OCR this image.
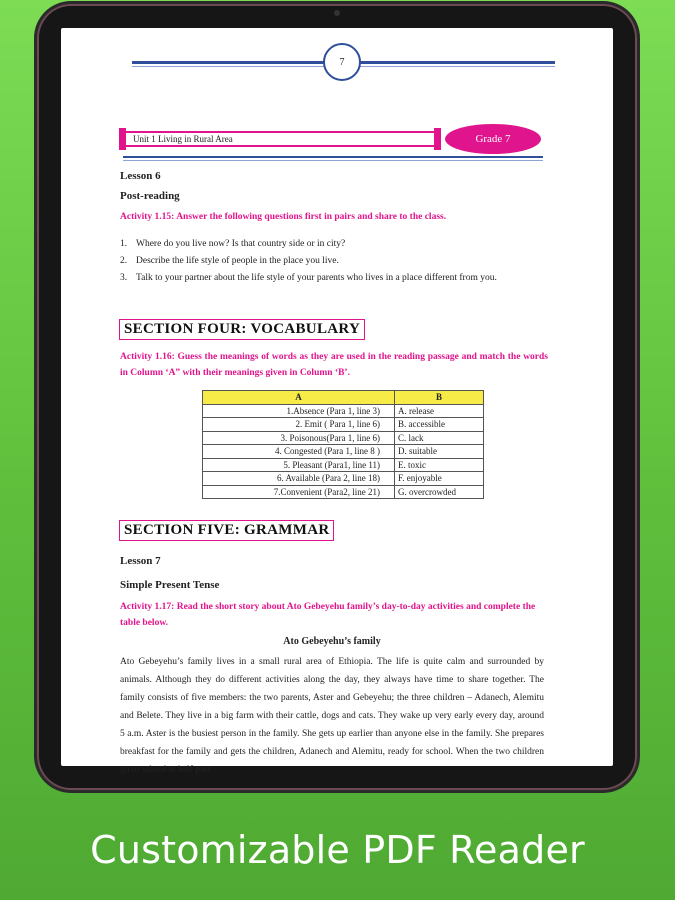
7
Unit 1 Living in Rural Area	Grade 7
Lesson 6
Post-reading
Activity 1.15: Answer the following questions first in pairs and share to the class.
1. Where do you live now? Is that country side or in city?
2. Describe the life style of people in the place you live.
3. Talk to your partner about the life style of your parents who lives in a place different from you.
SECTION FOUR: VOCABULARY
Activity 1.16: Guess the meanings of words as they are used in the reading passage and match the words in Column ‘A” with their meanings given in Column ‘B’.
A	B
1.Absence (Para 1, line 3)	A. release
2. Emit ( Para 1, line 6)	B. accessible
3. Poisonous(Para 1, line 6)	C. lack
4. Congested (Para 1, line 8 )	D. suitable
5. Pleasant (Para1, line 11)	E. toxic
6. Available (Para 2, line 18)	F. enjoyable
7.Convenient (Para2, line 21)	G. overcrowded
SECTION FIVE: GRAMMAR
Lesson 7
Simple Present Tense
Activity 1.17: Read the short story about Ato Gebeyehu family’s day-to-day activities and complete the table below.
Ato Gebeyehu’s family
Ato Gebeyehu’s family lives in a small rural area of Ethiopia. The life is quite calm and surrounded by animals. Although they do different activities along the day, they always have time to share together. The family consists of five members: the two parents, Aster and Gebeyehu; the three children – Adanech, Alemitu and Belete. They live in a big farm with their cattle, dogs and cats. They wake up very early every day, around 5 a.m. Aster is the busiest person in the family. She gets up earlier than anyone else in the family. She prepares breakfast for the family and gets the children, Adanech and Alemitu, ready for school. When the two children go to school at half past
Customizable PDF Reader
